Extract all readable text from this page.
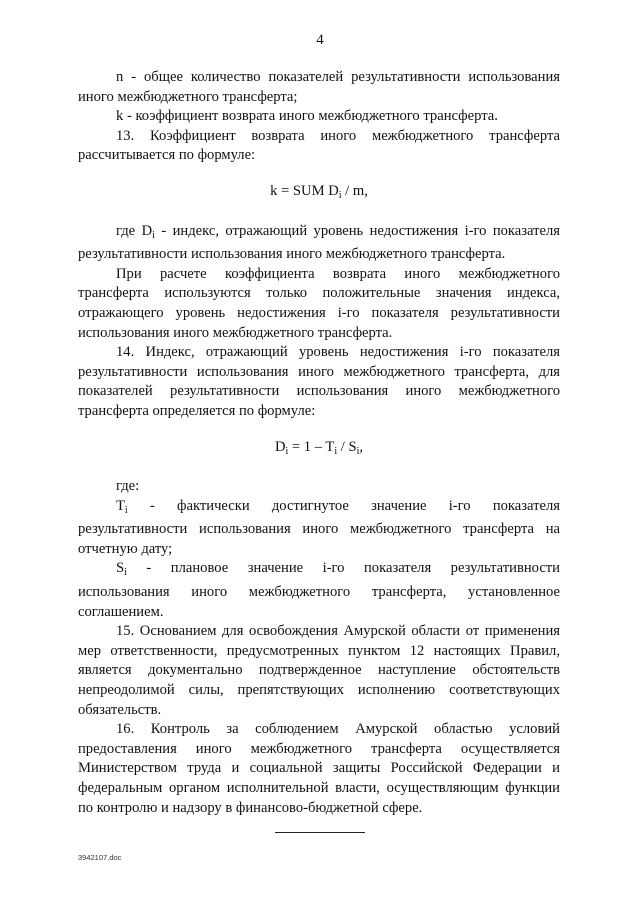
4

n - общее количество показателей результативности использования иного межбюджетного трансферта;

k - коэффициент возврата иного межбюджетного трансферта.

13. Коэффициент возврата иного межбюджетного трансферта рассчитывается по формуле:

k = SUM $D_i$ / m,

где $D_i$ - индекс, отражающий уровень недостижения i-го показателя результативности использования иного межбюджетного трансферта.

При расчете коэффициента возврата иного межбюджетного трансферта используются только положительные значения индекса, отражающего уровень недостижения i-го показателя результативности использования иного межбюджетного трансферта.

14. Индекс, отражающий уровень недостижения i-го показателя результативности использования иного межбюджетного трансферта, для показателей результативности использования иного межбюджетного трансферта определяется по формуле:

$D_i = 1 - T_i / S_i$,

где:

$T_i$ - фактически достигнутое значение i-го показателя результативности использования иного межбюджетного трансферта на отчетную дату;

$S_i$ - плановое значение i-го показателя результативности использования иного межбюджетного трансферта, установленное соглашением.

15. Основанием для освобождения Амурской области от применения мер ответственности, предусмотренных пунктом 12 настоящих Правил, является документально подтвержденное наступление обстоятельств непреодолимой силы, препятствующих исполнению соответствующих обязательств.

16. Контроль за соблюдением Амурской областью условий предоставления иного межбюджетного трансферта осуществляется Министерством труда и социальной защиты Российской Федерации и федеральным органом исполнительной власти, осуществляющим функции по контролю и надзору в финансово-бюджетной сфере.

3942107.doc
